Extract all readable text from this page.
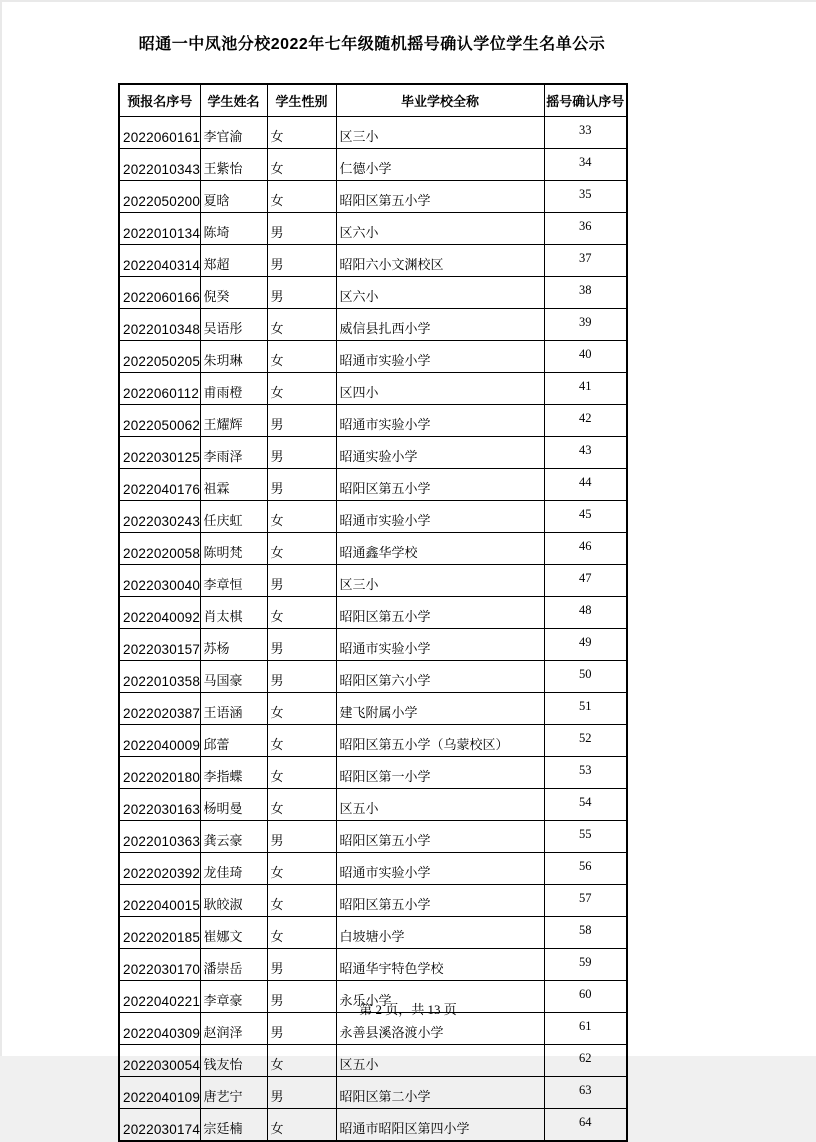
昭通一中凤池分校2022年七年级随机摇号确认学位学生名单公示
预报名序号	学生姓名	学生性别	毕业学校全称	摇号确认序号
2022060161	李官渝	女	区三小	33
2022010343	王紫怡	女	仁德小学	34
2022050200	夏晗	女	昭阳区第五小学	35
2022010134	陈埼	男	区六小	36
2022040314	郑超	男	昭阳六小文渊校区	37
2022060166	倪癸	男	区六小	38
2022010348	吴语彤	女	威信县扎西小学	39
2022050205	朱玥琳	女	昭通市实验小学	40
2022060112	甫雨橙	女	区四小	41
2022050062	王耀辉	男	昭通市实验小学	42
2022030125	李雨泽	男	昭通实验小学	43
2022040176	祖霖	男	昭阳区第五小学	44
2022030243	任庆虹	女	昭通市实验小学	45
2022020058	陈明梵	女	昭通鑫华学校	46
2022030040	李章恒	男	区三小	47
2022040092	肖太棋	女	昭阳区第五小学	48
2022030157	苏杨	男	昭通市实验小学	49
2022010358	马国豪	男	昭阳区第六小学	50
2022020387	王语涵	女	建飞附属小学	51
2022040009	邱蕾	女	昭阳区第五小学（乌蒙校区）	52
2022020180	李指蝶	女	昭阳区第一小学	53
2022030163	杨明曼	女	区五小	54
2022010363	龚云豪	男	昭阳区第五小学	55
2022020392	龙佳琦	女	昭通市实验小学	56
2022040015	耿皎淑	女	昭阳区第五小学	57
2022020185	崔娜文	女	白坡塘小学	58
2022030170	潘崇岳	男	昭通华宇特色学校	59
2022040221	李章豪	男	永乐小学	60
2022040309	赵润泽	男	永善县溪洛渡小学	61
2022030054	钱友怡	女	区五小	62
2022040109	唐艺宁	男	昭阳区第二小学	63
2022030174	宗廷楠	女	昭通市昭阳区第四小学	64
第 2 页，共 13 页
